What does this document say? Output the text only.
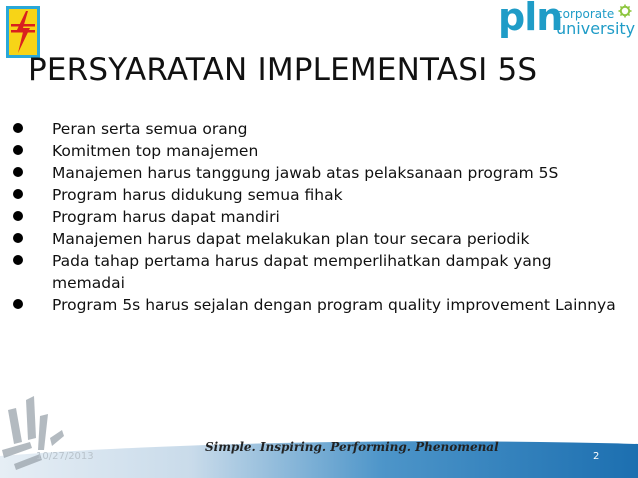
pln
corporate
university
PERSYARATAN IMPLEMENTASI 5S
Peran serta semua orang
Komitmen top manajemen
Manajemen harus tanggung jawab atas pelaksanaan program 5S
Program harus didukung semua fihak
Program harus dapat mandiri
Manajemen harus dapat melakukan plan tour secara periodik
Pada tahap pertama harus dapat memperlihatkan dampak yang memadai
Program 5s harus sejalan dengan program quality improvement Lainnya
10/27/2013
Simple. Inspiring. Performing. Phenomenal
2
